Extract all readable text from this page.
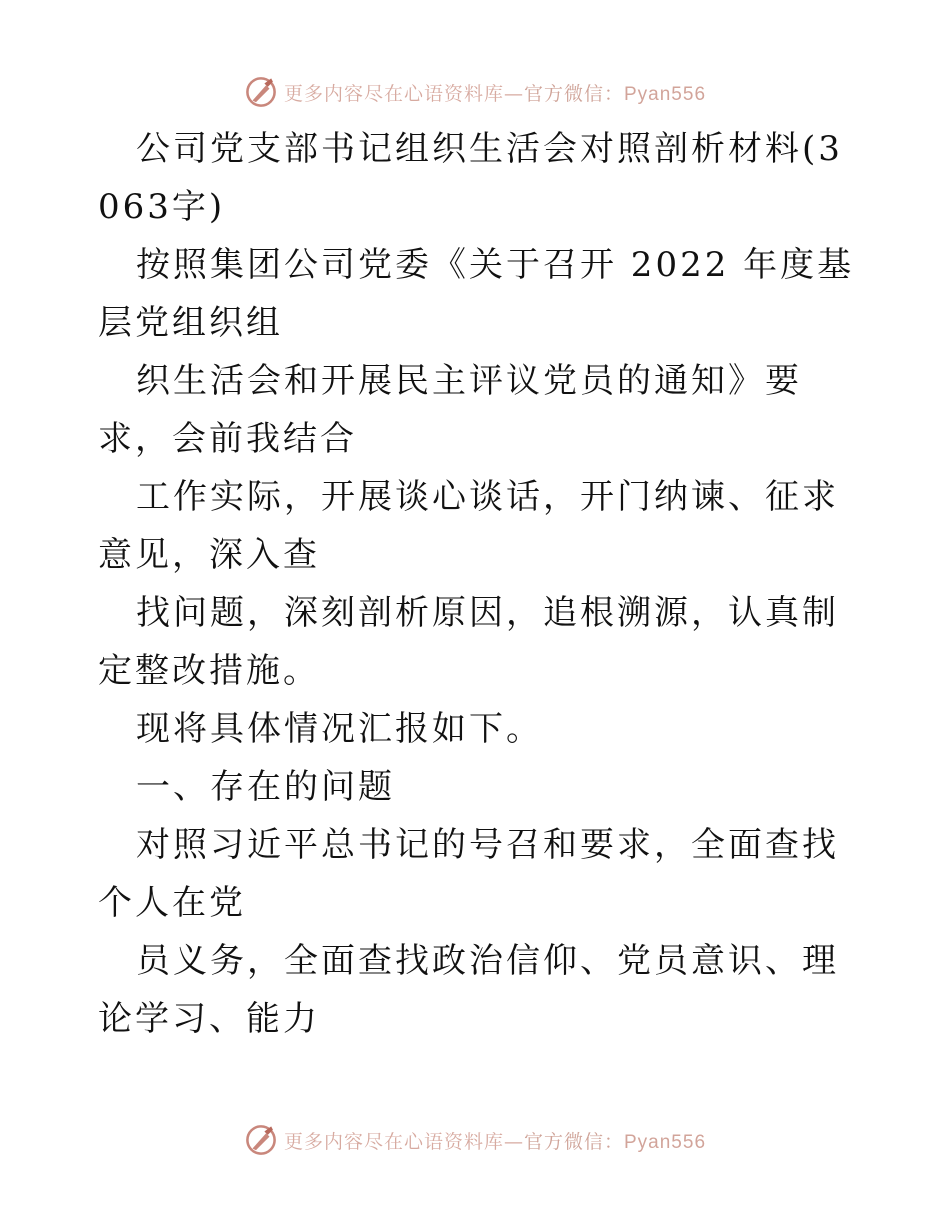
更多内容尽在心语资料库—官方微信：Pyan556

公司党支部书记组织生活会对照剖析材料(3063字)

按照集团公司党委《关于召开 2022 年度基层党组织组

织生活会和开展民主评议党员的通知》要求，会前我结合

工作实际，开展谈心谈话，开门纳谏、征求意见，深入查

找问题，深刻剖析原因，追根溯源，认真制定整改措施。

现将具体情况汇报如下。

一、存在的问题

对照习近平总书记的号召和要求，全面查找个人在党

员义务，全面查找政治信仰、党员意识、理论学习、能力

更多内容尽在心语资料库—官方微信：Pyan556
